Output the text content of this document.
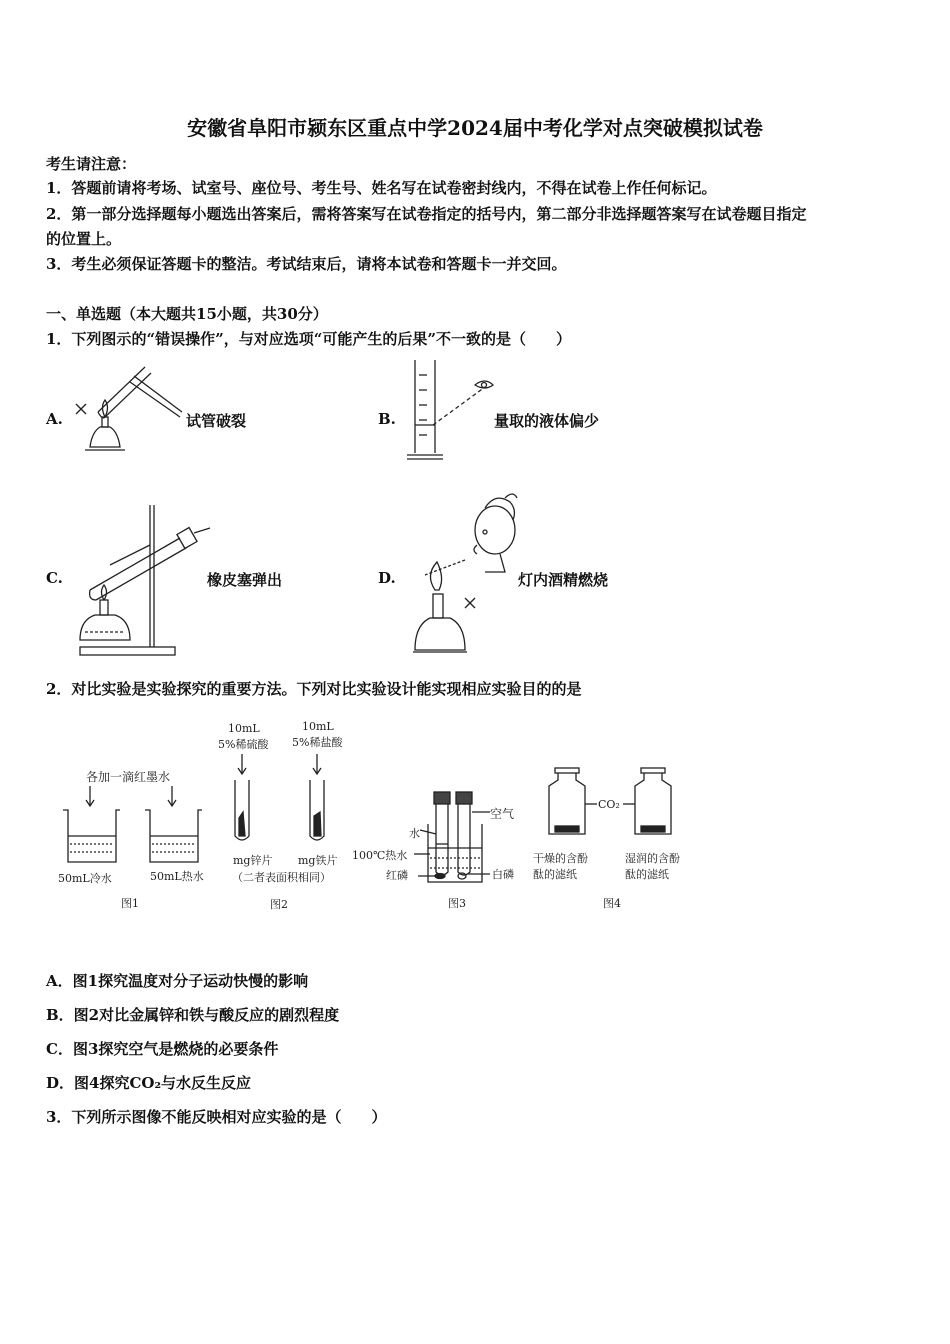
安徽省阜阳市颍东区重点中学2024届中考化学对点突破模拟试卷
考生请注意：
1．答题前请将考场、试室号、座位号、考生号、姓名写在试卷密封线内，不得在试卷上作任何标记。
2．第一部分选择题每小题选出答案后，需将答案写在试卷指定的括号内，第二部分非选择题答案写在试卷题目指定
的位置上。
3．考生必须保证答题卡的整洁。考试结束后，请将本试卷和答题卡一并交回。
一、单选题（本大题共15小题，共30分）
1．下列图示的“错误操作”，与对应选项“可能产生的后果”不一致的是（　　）
A.	试管破裂	B.	量取的液体偏少
C.	橡皮塞弹出	D.	灯内酒精燃烧
2．对比实验是实验探究的重要方法。下列对比实验设计能实现相应实验目的的是
各加一滴红墨水
50mL冷水	50mL热水
图1
10mL
5%稀硫酸
10mL
5%稀盐酸
mg锌片 mg铁片
（二者表面积相同）
图2
空气
水
100℃热水
红磷	白磷
图3
CO₂
干燥的含酚
酞的滤纸
湿润的含酚
酞的滤纸
图4
A．图1探究温度对分子运动快慢的影响
B．图2对比金属锌和铁与酸反应的剧烈程度
C．图3探究空气是燃烧的必要条件
D．图4探究CO₂与水反生反应
3．下列所示图像不能反映相对应实验的是（　　）
